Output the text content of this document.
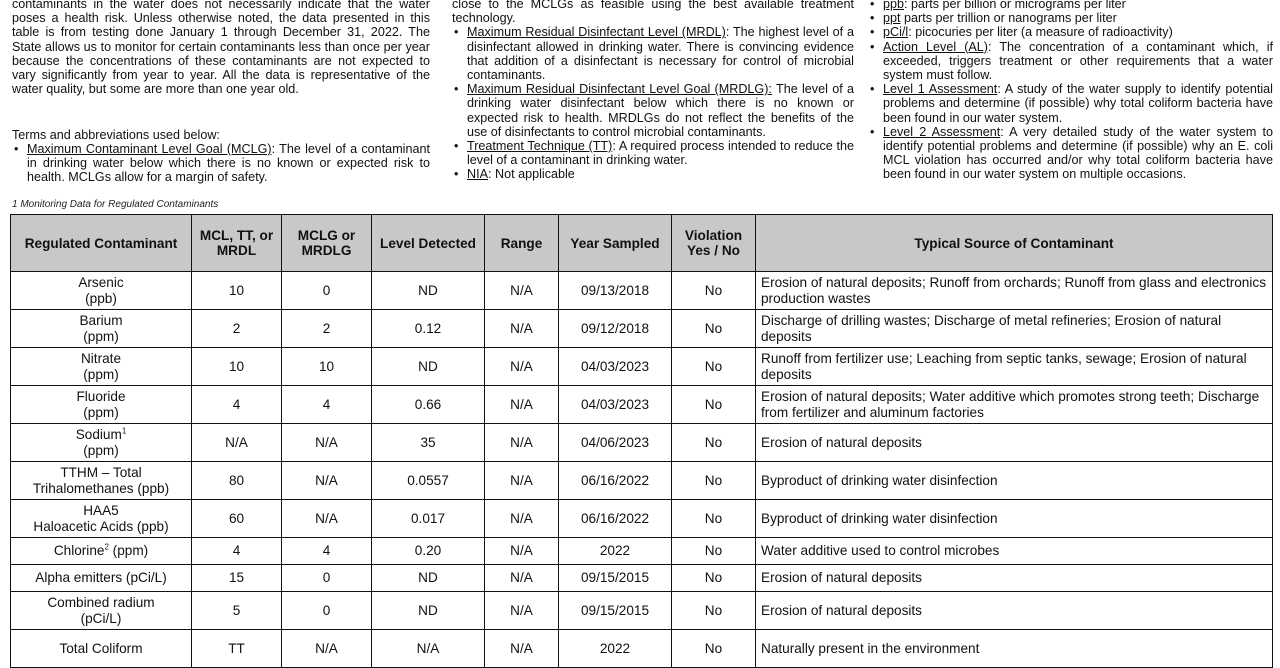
contaminants in the water does not necessarily indicate that the water poses a health risk. Unless otherwise noted, the data presented in this table is from testing done January 1 through December 31, 2022. The State allows us to monitor for certain contaminants less than once per year because the concentrations of these contaminants are not expected to vary significantly from year to year. All the data is representative of the water quality, but some are more than one year old.

Terms and abbreviations used below:

• Maximum Contaminant Level Goal (MCLG): The level of a contaminant in drinking water below which there is no known or expected risk to health. MCLGs allow for a margin of safety.

close to the MCLGs as feasible using the best available treatment technology.

• Maximum Residual Disinfectant Level (MRDL): The highest level of a disinfectant allowed in drinking water. There is convincing evidence that addition of a disinfectant is necessary for control of microbial contaminants.
• Maximum Residual Disinfectant Level Goal (MRDLG): The level of a drinking water disinfectant below which there is no known or expected risk to health. MRDLGs do not reflect the benefits of the use of disinfectants to control microbial contaminants.
• Treatment Technique (TT): A required process intended to reduce the level of a contaminant in drinking water.
• NIA: Not applicable
• ppb: parts per billion or micrograms per liter
• ppt parts per trillion or nanograms per liter
• pCi/l: picocuries per liter (a measure of radioactivity)
• Action Level (AL): The concentration of a contaminant which, if exceeded, triggers treatment or other requirements that a water system must follow.
• Level 1 Assessment: A study of the water supply to identify potential problems and determine (if possible) why total coliform bacteria have been found in our water system.
• Level 2 Assessment: A very detailed study of the water system to identify potential problems and determine (if possible) why an E. coli MCL violation has occurred and/or why total coliform bacteria have been found in our water system on multiple occasions.
1 Monitoring Data for Regulated Contaminants
Regulated Contaminant	MCL, TT, or MRDL	MCLG or MRDLG	Level Detected	Range	Year Sampled	Violation Yes / No	Typical Source of Contaminant
Arsenic
(ppb)	10	0	ND	N/A	09/13/2018	No	Erosion of natural deposits; Runoff from orchards; Runoff from glass and electronics production wastes
Barium
(ppm)	2	2	0.12	N/A	09/12/2018	No	Discharge of drilling wastes; Discharge of metal refineries; Erosion of natural deposits
Nitrate
(ppm)	10	10	ND	N/A	04/03/2023	No	Runoff from fertilizer use; Leaching from septic tanks, sewage; Erosion of natural deposits
Fluoride
(ppm)	4	4	0.66	N/A	04/03/2023	No	Erosion of natural deposits; Water additive which promotes strong teeth; Discharge from fertilizer and aluminum factories
Sodium$^1$
(ppm)	N/A	N/A	35	N/A	04/06/2023	No	Erosion of natural deposits
TTHM – Total
Trihalomethanes (ppb)	80	N/A	0.0557	N/A	06/16/2022	No	Byproduct of drinking water disinfection
HAA5
Haloacetic Acids (ppb)	60	N/A	0.017	N/A	06/16/2022	No	Byproduct of drinking water disinfection
Chlorine$^2$ (ppm)	4	4	0.20	N/A	2022	No	Water additive used to control microbes
Alpha emitters (pCi/L)	15	0	ND	N/A	09/15/2015	No	Erosion of natural deposits
Combined radium
(pCi/L)	5	0	ND	N/A	09/15/2015	No	Erosion of natural deposits
Total Coliform	TT	N/A	N/A	N/A	2022	No	Naturally present in the environment
